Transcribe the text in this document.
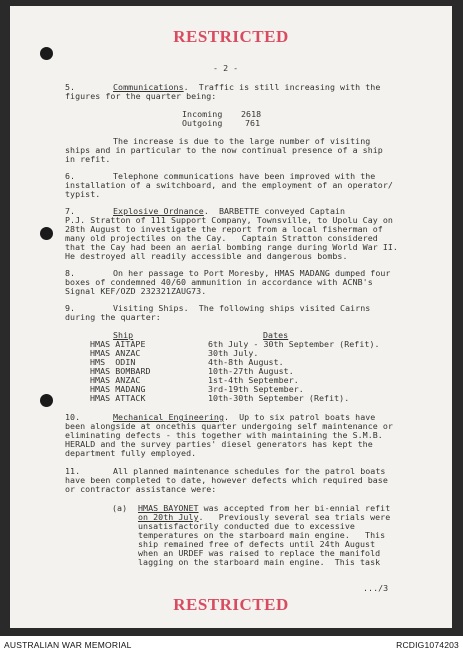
RESTRICTED
- 2 -
5.	Communications.  Traffic is still increasing with the
figures for the quarter being:
Incoming 2618
Outgoing	761
The increase is due to the large number of visiting
ships and in particular to the now continual presence of a ship
in refit.
6.	Telephone communications have been improved with the
installation of a switchboard, and the employment of an operator/
typist.
7.	Explosive Ordnance.  BARBETTE conveyed Captain
P.J. Stratton of 111 Support Company, Townsville, to Upolu Cay on
28th August to investigate the report from a local fisherman of
many old projectiles on the Cay.   Captain Stratton considered
that the Cay had been an aerial bombing range during World War II.
He destroyed all readily accessible and dangerous bombs.
8.	On her passage to Port Moresby, HMAS MADANG dumped four
boxes of condemned 40/60 ammunition in accordance with ACNB's
Signal KEF/OZD 232321ZAUG73.
9.	Visiting Ships.  The following ships visited Cairns
during the quarter:
Ship	Dates
HMAS AITAPE	6th July - 30th September (Refit).
HMAS ANZAC	30th July.
HMS  ODIN	4th-8th August.
HMAS BOMBARD	10th-27th August.
HMAS ANZAC	1st-4th September.
HMAS MADANG	3rd-19th September.
HMAS ATTACK	10th-30th September (Refit).
10.	Mechanical Engineering.  Up to six patrol boats have
been alongside at oncethis quarter undergoing self maintenance or
eliminating defects - this together with maintaining the S.M.B.
HERALD and the survey parties' diesel generators has kept the
department fully employed.
11.	All planned maintenance schedules for the patrol boats
have been completed to date, however defects which required base
or contractor assistance were:
(a) HMAS BAYONET was accepted from her bi-ennial refit
on 20th July.   Previously several sea trials were
unsatisfactorily conducted due to excessive
temperatures on the starboard main engine.   This
ship remained free of defects until 24th August
when an URDEF was raised to replace the manifold
lagging on the starboard main engine.  This task
.../3
RESTRICTED
AUSTRALIAN WAR MEMORIAL	RCDIG1074203
